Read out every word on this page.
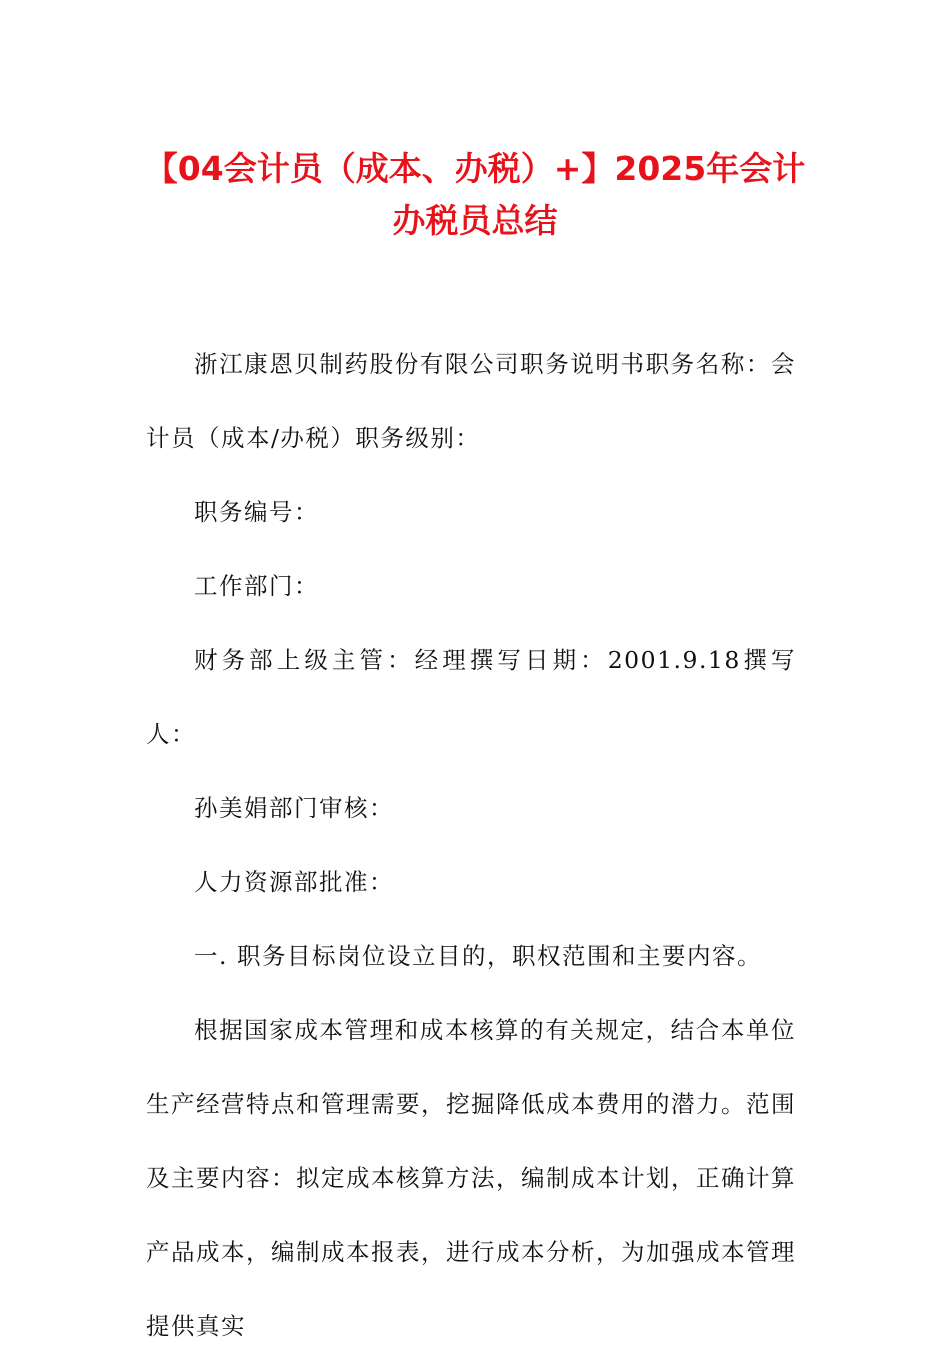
【04会计员（成本、办税）+】2025年会计办税员总结

浙江康恩贝制药股份有限公司职务说明书职务名称：会计员（成本/办税）职务级别：

职务编号：

工作部门：

财务部上级主管：经理撰写日期：2001.9.18撰写人：

孙美娟部门审核：

人力资源部批准：

一. 职务目标岗位设立目的，职权范围和主要内容。

根据国家成本管理和成本核算的有关规定，结合本单位生产经营特点和管理需要，挖掘降低成本费用的潜力。范围及主要内容：拟定成本核算方法，编制成本计划，正确计算产品成本，编制成本报表，进行成本分析，为加强成本管理提供真实
